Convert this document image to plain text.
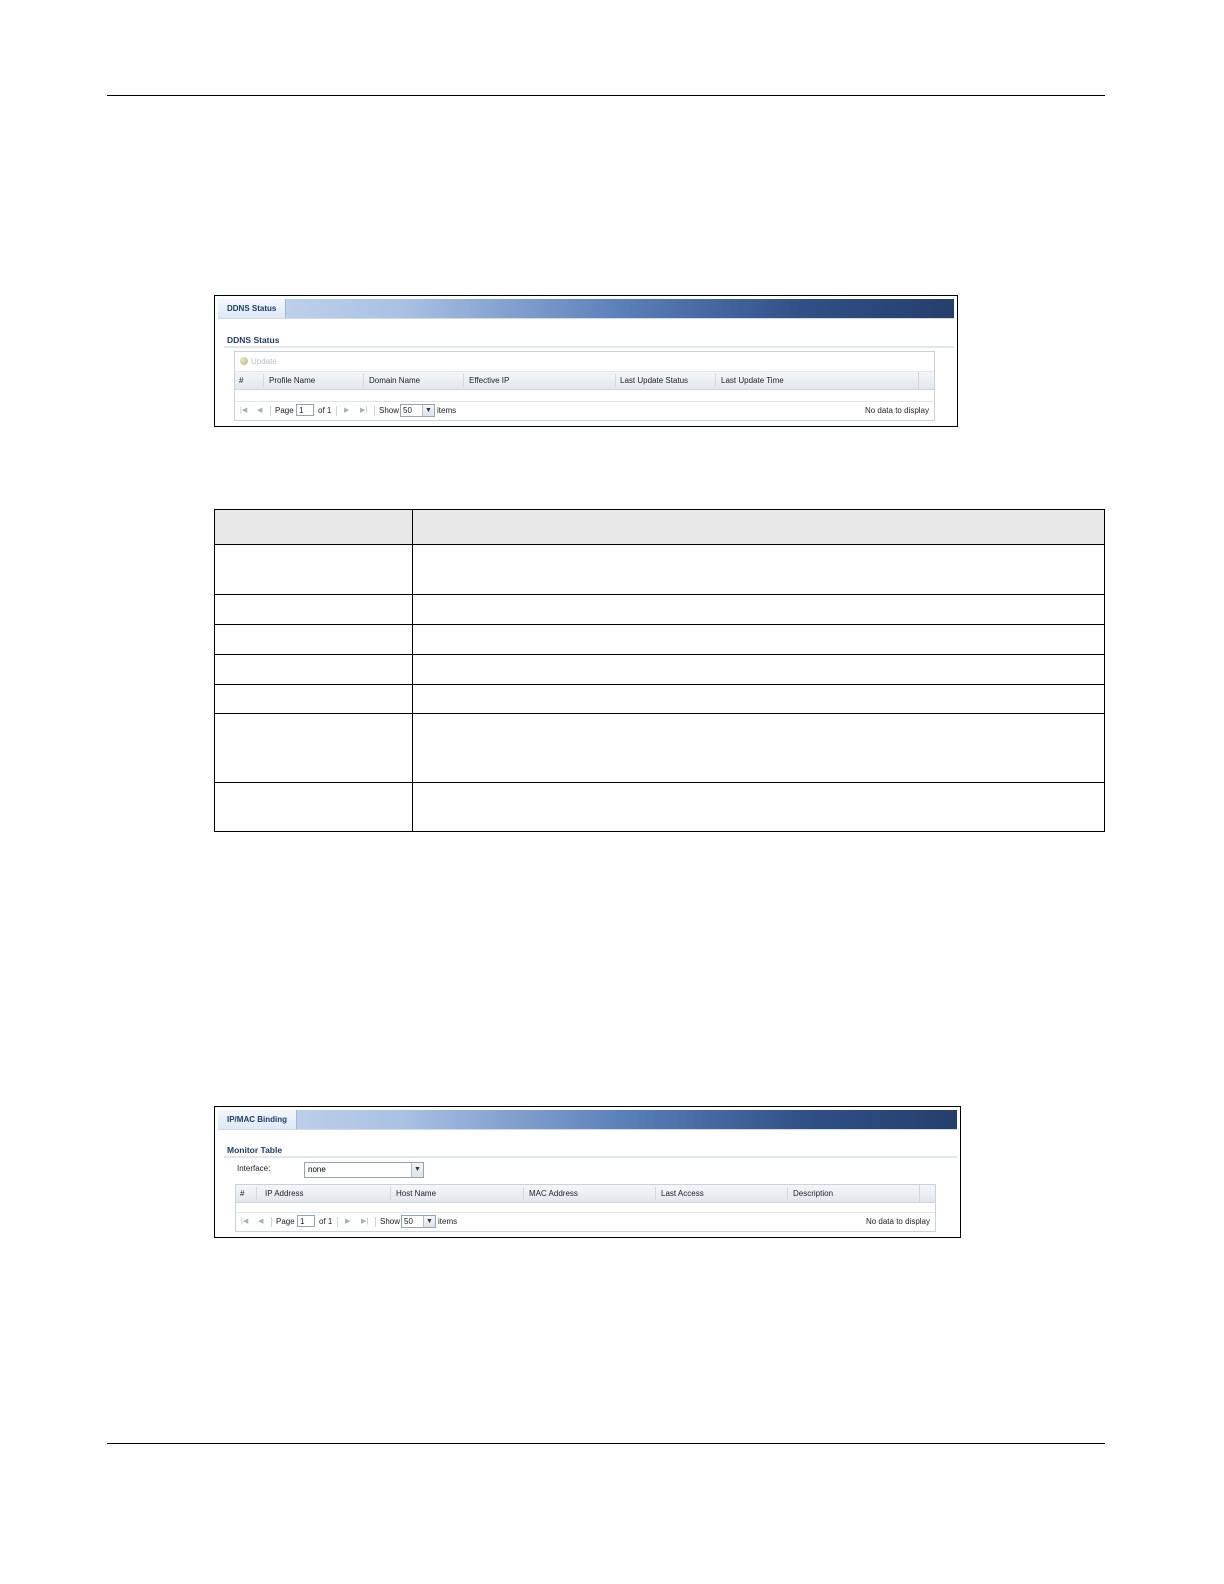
DDNS Status
DDNS Status
Update
#	Profile Name	Domain Name	Effective IP	Last Update Status	Last Update Time
|◀ ◀	Page 1	of 1 ▶	▶| Show 50	▼ items	No data to display

IP/MAC Binding
Monitor Table
Interface:	none	▼
#	IP Address	Host Name	MAC Address	Last Access	Description
|◀ ◀	Page 1	of 1 ▶	▶| Show 50	▼ items	No data to display
